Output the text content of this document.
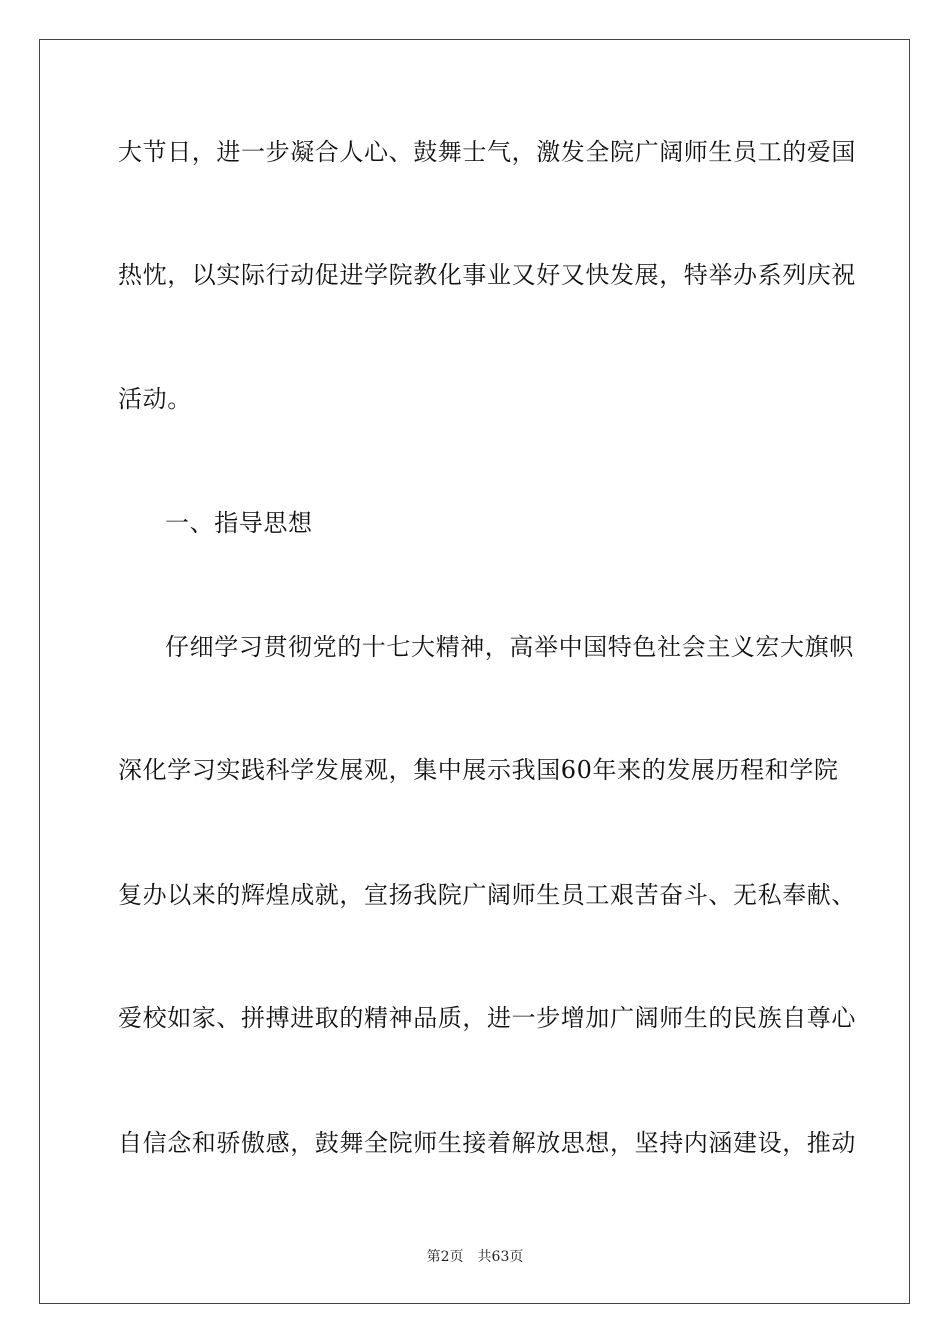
大节日，进一步凝合人心、鼓舞士气，激发全院广阔师生员工的爱国
热忱，以实际行动促进学院教化事业又好又快发展，特举办系列庆祝
活动。
一、指导思想
仔细学习贯彻党的十七大精神，高举中国特色社会主义宏大旗帜
深化学习实践科学发展观，集中展示我国60年来的发展历程和学院
复办以来的辉煌成就，宣扬我院广阔师生员工艰苦奋斗、无私奉献、
爱校如家、拼搏进取的精神品质，进一步增加广阔师生的民族自尊心
自信念和骄傲感，鼓舞全院师生接着解放思想，坚持内涵建设，推动
第2页 共63页
